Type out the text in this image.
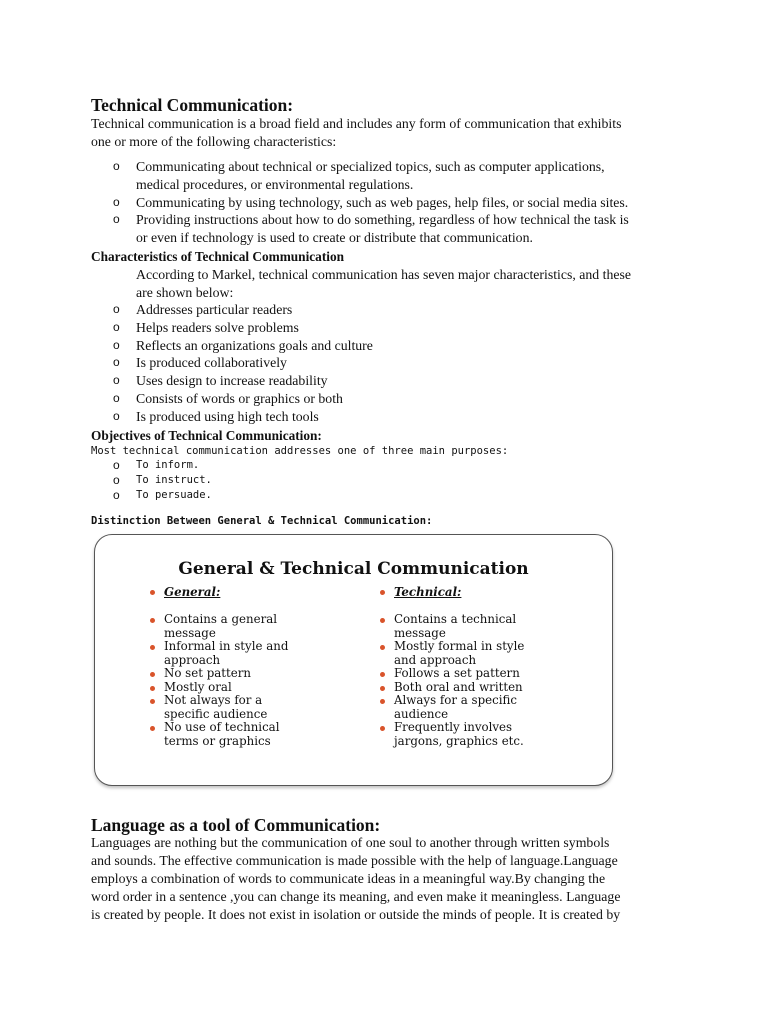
Technical Communication:

Technical communication is a broad field and includes any form of communication that exhibits

one or more of the following characteristics:

o Communicating about technical or specialized topics, such as computer applications,
medical procedures, or environmental regulations.
o Communicating by using technology, such as web pages, help files, or social media sites.
o Providing instructions about how to do something, regardless of how technical the task is
or even if technology is used to create or distribute that communication.
Characteristics of Technical Communication

According to Markel, technical communication has seven major characteristics, and these

are shown below:

o Addresses particular readers
o Helps readers solve problems
o Reflects an organizations goals and culture
o Is produced collaboratively
o Uses design to increase readability
o Consists of words or graphics or both
o Is produced using high tech tools
Objectives of Technical Communication:

Most technical communication addresses one of three main purposes:

o To inform.
o To instruct.
o To persuade.

Distinction Between General & Technical Communication:

General & Technical Communication
General:
Contains a general
message
Informal in style and
approach
No set pattern
Mostly oral
Not always for a
specific audience
No use of technical
terms or graphics
Technical:
Contains a technical
message
Mostly formal in style
and approach
Follows a set pattern
Both oral and written
Always for a specific
audience
Frequently involves
jargons, graphics etc.
Language as a tool of Communication:

Languages are nothing but the communication of one soul to another through written symbols

and sounds. The effective communication is made possible with the help of language.Language

employs a combination of words to communicate ideas in a meaningful way.By changing the

word order in a sentence ,you can change its meaning, and even make it meaningless. Language

is created by people. It does not exist in isolation or outside the minds of people. It is created by
